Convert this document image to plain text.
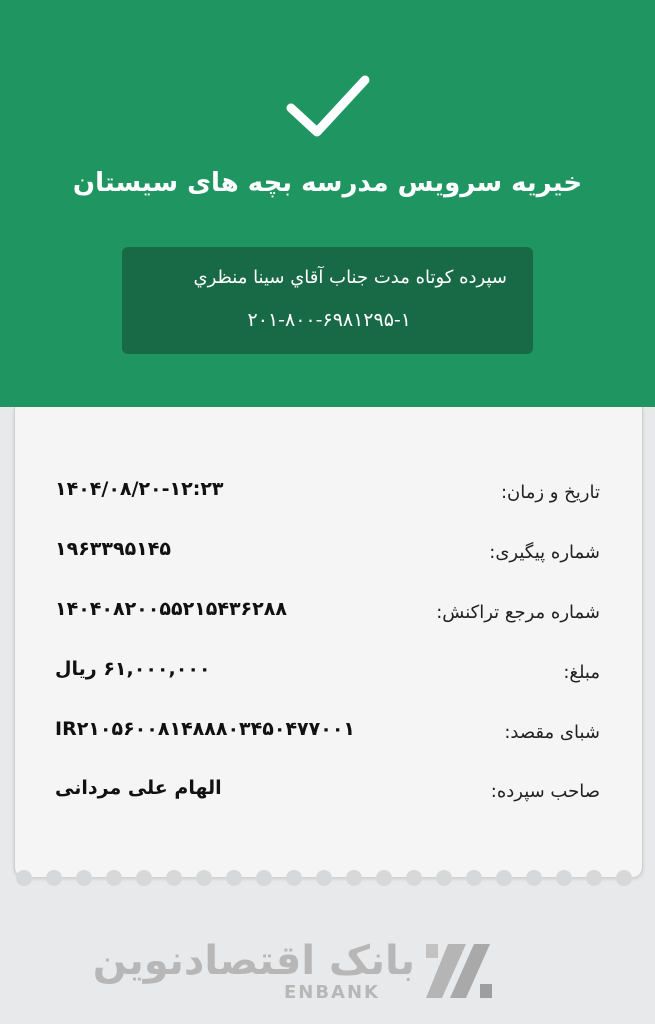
خیریه سرویس مدرسه بچه های سیستان
سپرده کوتاه مدت جناب آقاي سینا منظري
۲۰۱-۸۰۰-۶۹۸۱۲۹۵-۱
تاریخ و زمان:
۱۴۰۴/۰۸/۲۰-۱۲:۲۳
شماره پیگیری:
۱۹۶۳۳۹۵۱۴۵
شماره مرجع تراکنش:
۱۴۰۴۰۸۲۰۰۵۵۲۱۵۴۳۶۲۸۸
مبلغ:
۶۱,۰۰۰,۰۰۰ ریال
شبای مقصد:
IR۲۱۰۵۶۰۰۸۱۴۸۸۸۰۳۴۵۰۴۷۷۰۰۱
صاحب سپرده:
الهام علی مردانی
بانک اقتصادنوین
ENBANK
